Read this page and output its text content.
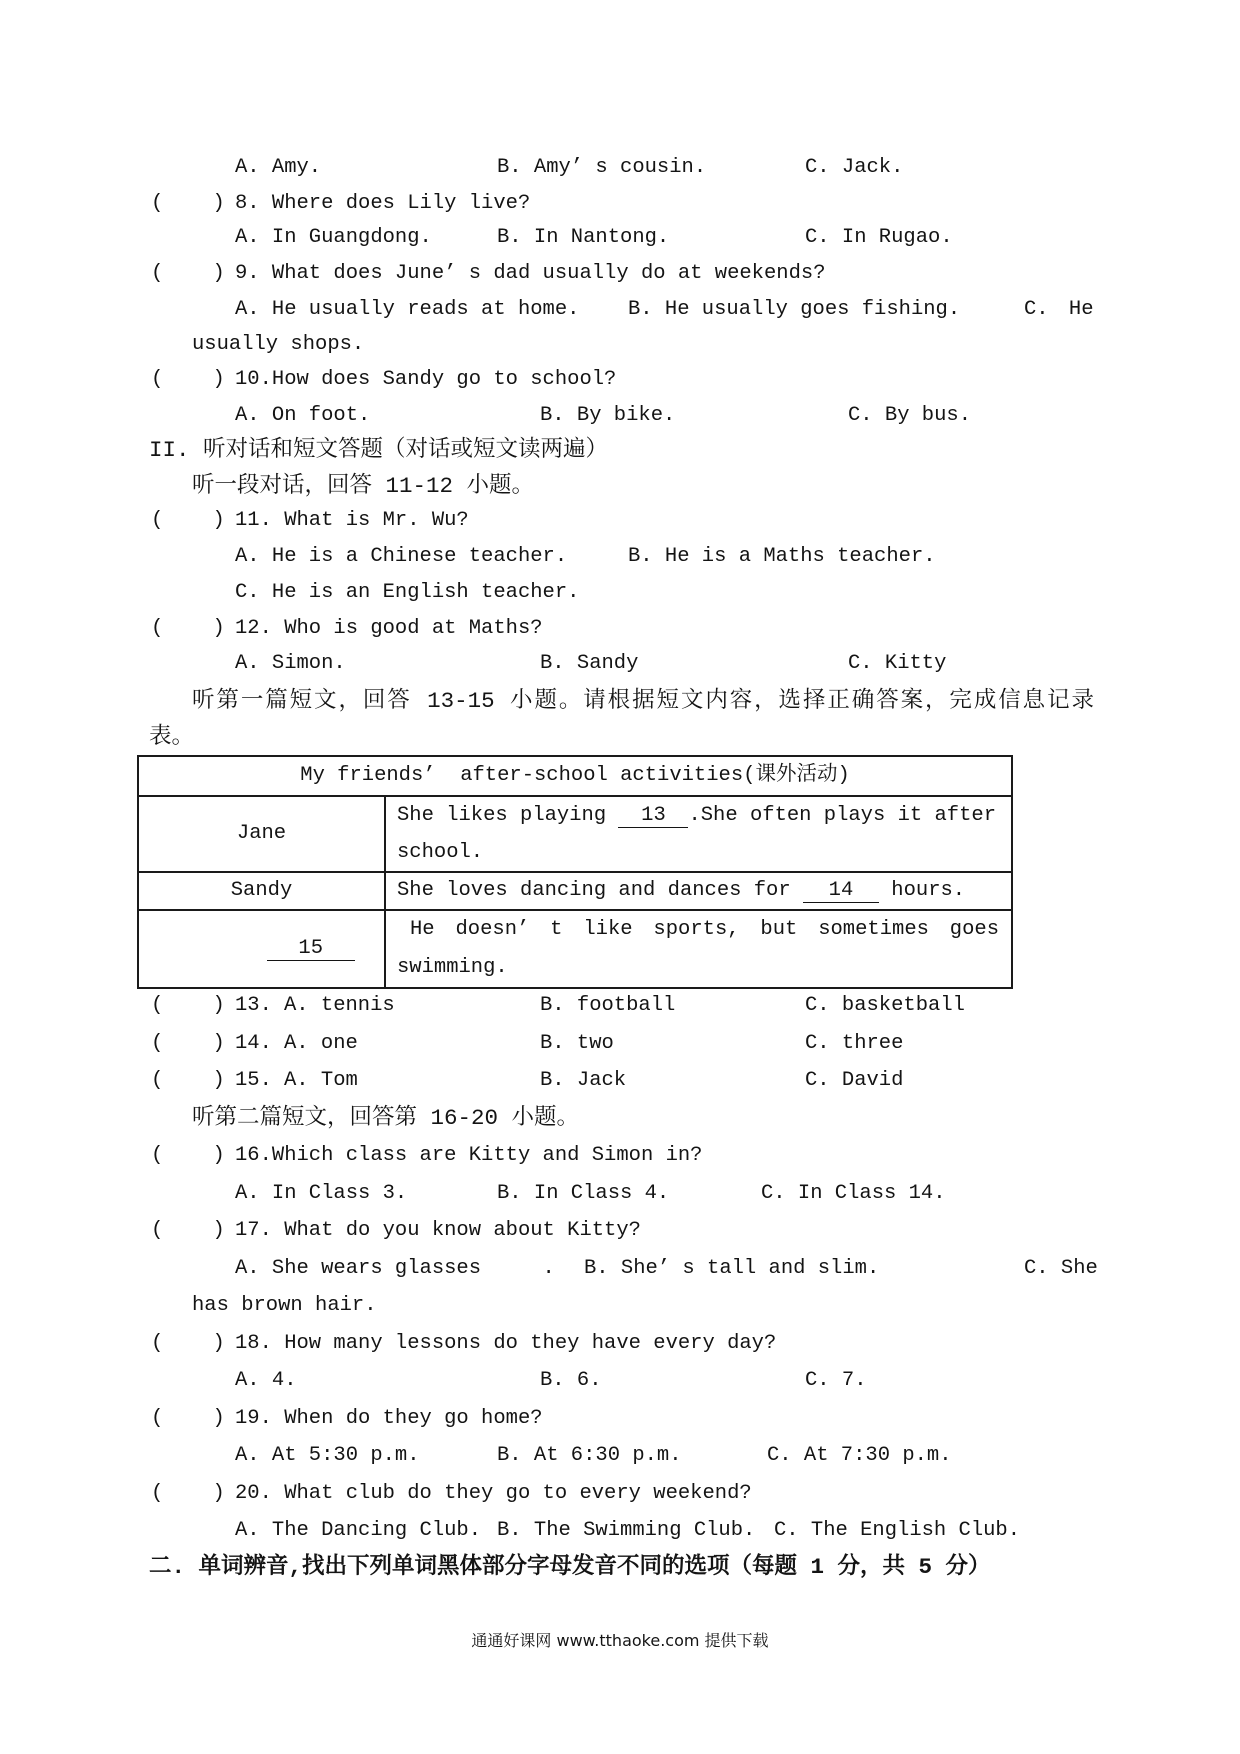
A. Amy.	B. Amy’ s cousin.	C. Jack.
(    ) 8. Where does Lily live?
A. In Guangdong.	B. In Nantong.	C. In Rugao.
(    ) 9. What does June’ s dad usually do at weekends?
A. He usually reads at home. B. He usually goes fishing.	C. He
usually shops.
(    ) 10.How does Sandy go to school?
A. On foot.	B. By bike.	C. By bus.
II. 听对话和短文答题（对话或短文读两遍）
听一段对话，回答 11-12 小题。
(    ) 11. What is Mr. Wu?
A. He is a Chinese teacher.	B. He is a Maths teacher.
C. He is an English teacher.
(    ) 12. Who is good at Maths?
A. Simon.	B. Sandy	C. Kitty
听第一篇短文，回答 13-15 小题。请根据短文内容，选择正确答案，完成信息记录
表。
My friends’  after-school activities(课外活动)	
Jane	She likes playing 13 .She often plays it after
school.

Sandy	She loves dancing and dances for 14 hours.

15	He doesn’ t like sports, but sometimes goes
swimming.
(    ) 13. A. tennis	B. football	C. basketball
(    ) 14. A. one	B. two	C. three
(    ) 15. A. Tom	B. Jack	C. David
听第二篇短文，回答第 16-20 小题。
(    ) 16.Which class are Kitty and Simon in?
A. In Class 3.	B. In Class 4.	C. In Class 14.
(    ) 17. What do you know about Kitty?
A. She wears glasses     . B. She’ s tall and slim.	C. She
has brown hair.
(    ) 18. How many lessons do they have every day?
A. 4.	B. 6.	C. 7.
(    ) 19. When do they go home?
A. At 5:30 p.m.	B. At 6:30 p.m.	C. At 7:30 p.m.
(    ) 20. What club do they go to every weekend?
A. The Dancing Club. B. The Swimming Club. C. The English Club.
二. 单词辨音,找出下列单词黑体部分字母发音不同的选项（每题 1 分，共 5 分）
通通好课网 www.tthaoke.com 提供下载
